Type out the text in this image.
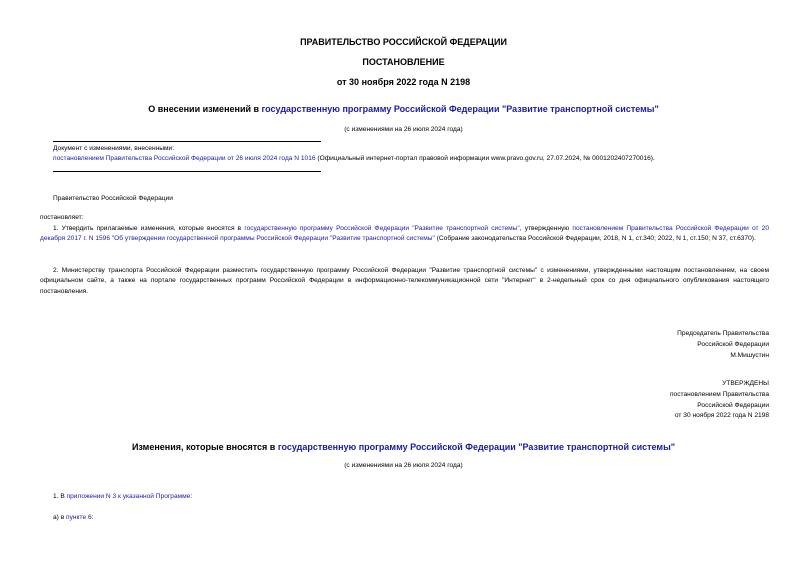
ПРАВИТЕЛЬСТВО РОССИЙСКОЙ ФЕДЕРАЦИИ
ПОСТАНОВЛЕНИЕ
от 30 ноября 2022 года N 2198
О внесении изменений в государственную программу Российской Федерации "Развитие транспортной системы"
(с изменениями на 26 июля 2024 года)
Документ с изменениями, внесенными:
постановлением Правительства Российской Федерации от 26 июля 2024 года N 1016 (Официальный интернет-портал правовой информации www.pravo.gov.ru, 27.07.2024, № 0001202407270016).
Правительство Российской Федерации
постановляет:
1. Утвердить прилагаемые изменения, которые вносятся в государственную программу Российской Федерации "Развитие транспортной системы", утвержденную постановлением Правительства Российской Федерации от 20 декабря 2017 г. N 1596 "Об утверждении государственной программы Российской Федерации "Развитие транспортной системы" (Собрание законодательства Российской Федерации, 2018, N 1, ст.340; 2022, N 1, ст.150; N 37, ст.6370).
2. Министерству транспорта Российской Федерации разместить государственную программу Российской Федерации "Развитие транспортной системы" с изменениями, утвержденными настоящим постановлением, на своем официальном сайте, а также на портале государственных программ Российской Федерации в информационно-телекоммуникационной сети "Интернет" в 2-недельный срок со дня официального опубликования настоящего постановления.
Председатель Правительства
Российской Федерации
М.Мишустин
УТВЕРЖДЕНЫ
постановлением Правительства
Российской Федерации
от 30 ноября 2022 года N 2198
Изменения, которые вносятся в государственную программу Российской Федерации "Развитие транспортной системы"
(с изменениями на 26 июля 2024 года)
1. В приложении N 3 к указанной Программе:
а) в пункте 6:
